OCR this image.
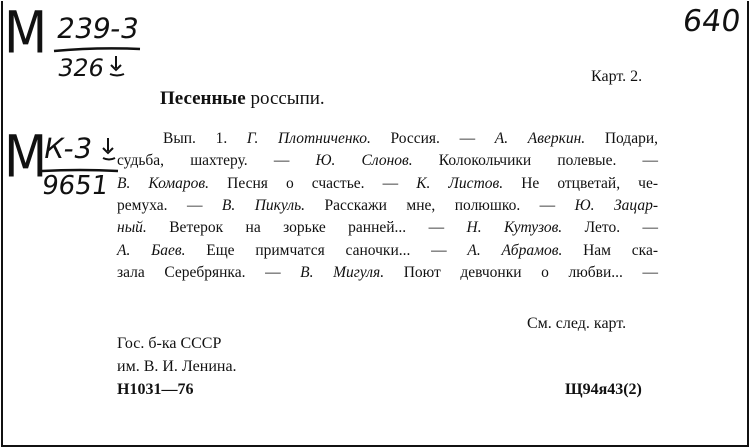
640
М 239-3
326
М
К-3
9651
Карт. 2.
Песенные россыпи.
Вып. 1. Г. Плотниченко. Россия. — А. Аверкин. Подари,
судьба, шахтеру. — Ю. Слонов. Колокольчики полевые. —
В. Комаров. Песня о счастье. — К. Листов. Не отцветай, че-
ремуха. — В. Пикуль. Расскажи мне, полюшко. — Ю. Зацар-
ный. Ветерок на зорьке ранней... — Н. Кутузов. Лето. —
А. Баев. Еще примчатся саночки... — А. Абрамов. Нам ска-
зала Серебрянка. — В. Мигуля. Поют девчонки о любви... —
См. след. карт.
Гос. б-ка СССР
им. В. И. Ленина.
Н1031—76	Щ94я43(2)
